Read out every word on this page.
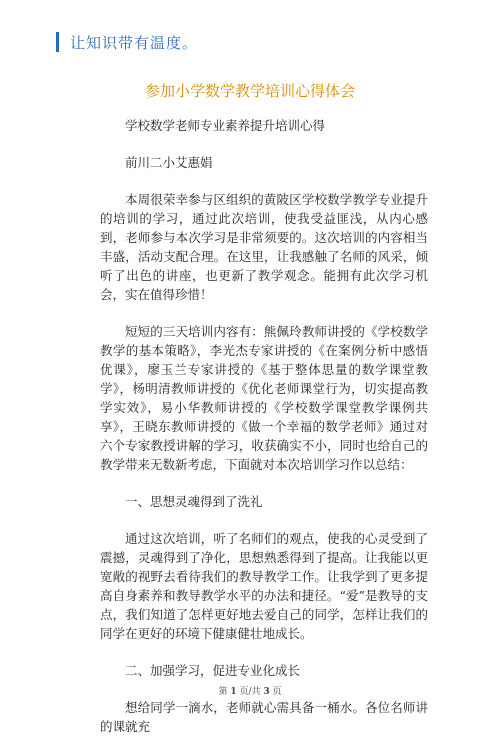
让知识带有温度。
参加小学数学教学培训心得体会

学校数学老师专业素养提升培训心得

前川二小艾惠娟

本周很荣幸参与区组织的黄陂区学校数学教学专业提升的培训的学习，通过此次培训，使我受益匪浅，从内心感到，老师参与本次学习是非常须要的。这次培训的内容相当丰盛，活动支配合理。在这里，让我感触了名师的风采，倾听了出色的讲座，也更新了教学观念。能拥有此次学习机会，实在值得珍惜！

短短的三天培训内容有：熊佩玲教师讲授的《学校数学教学的基本策略》，李光杰专家讲授的《在案例分析中感悟优课》，廖玉兰专家讲授的《基于整体思量的数学课堂教学》，杨明清教师讲授的《优化老师课堂行为，切实提高教学实效》，易小华教师讲授的《学校数学课堂教学课例共享》，王晓东教师讲授的《做一个幸福的数学老师》通过对六个专家教授讲解的学习，收获确实不小，同时也给自己的教学带来无数新考虑，下面就对本次培训学习作以总结：

一、思想灵魂得到了洗礼

通过这次培训，听了名师们的观点，使我的心灵受到了震撼，灵魂得到了净化，思想熟悉得到了提高。让我能以更宽敞的视野去看待我们的教导教学工作。让我学到了更多提高自身素养和教导教学水平的办法和捷径。“爱”是教导的支点，我们知道了怎样更好地去爱自己的同学，怎样让我们的同学在更好的环境下健康健壮地成长。

二、加强学习，促进专业化成长

想给同学一滴水，老师就心需具备一桶水。各位名师讲的课就充

第 1 页/共 3 页
